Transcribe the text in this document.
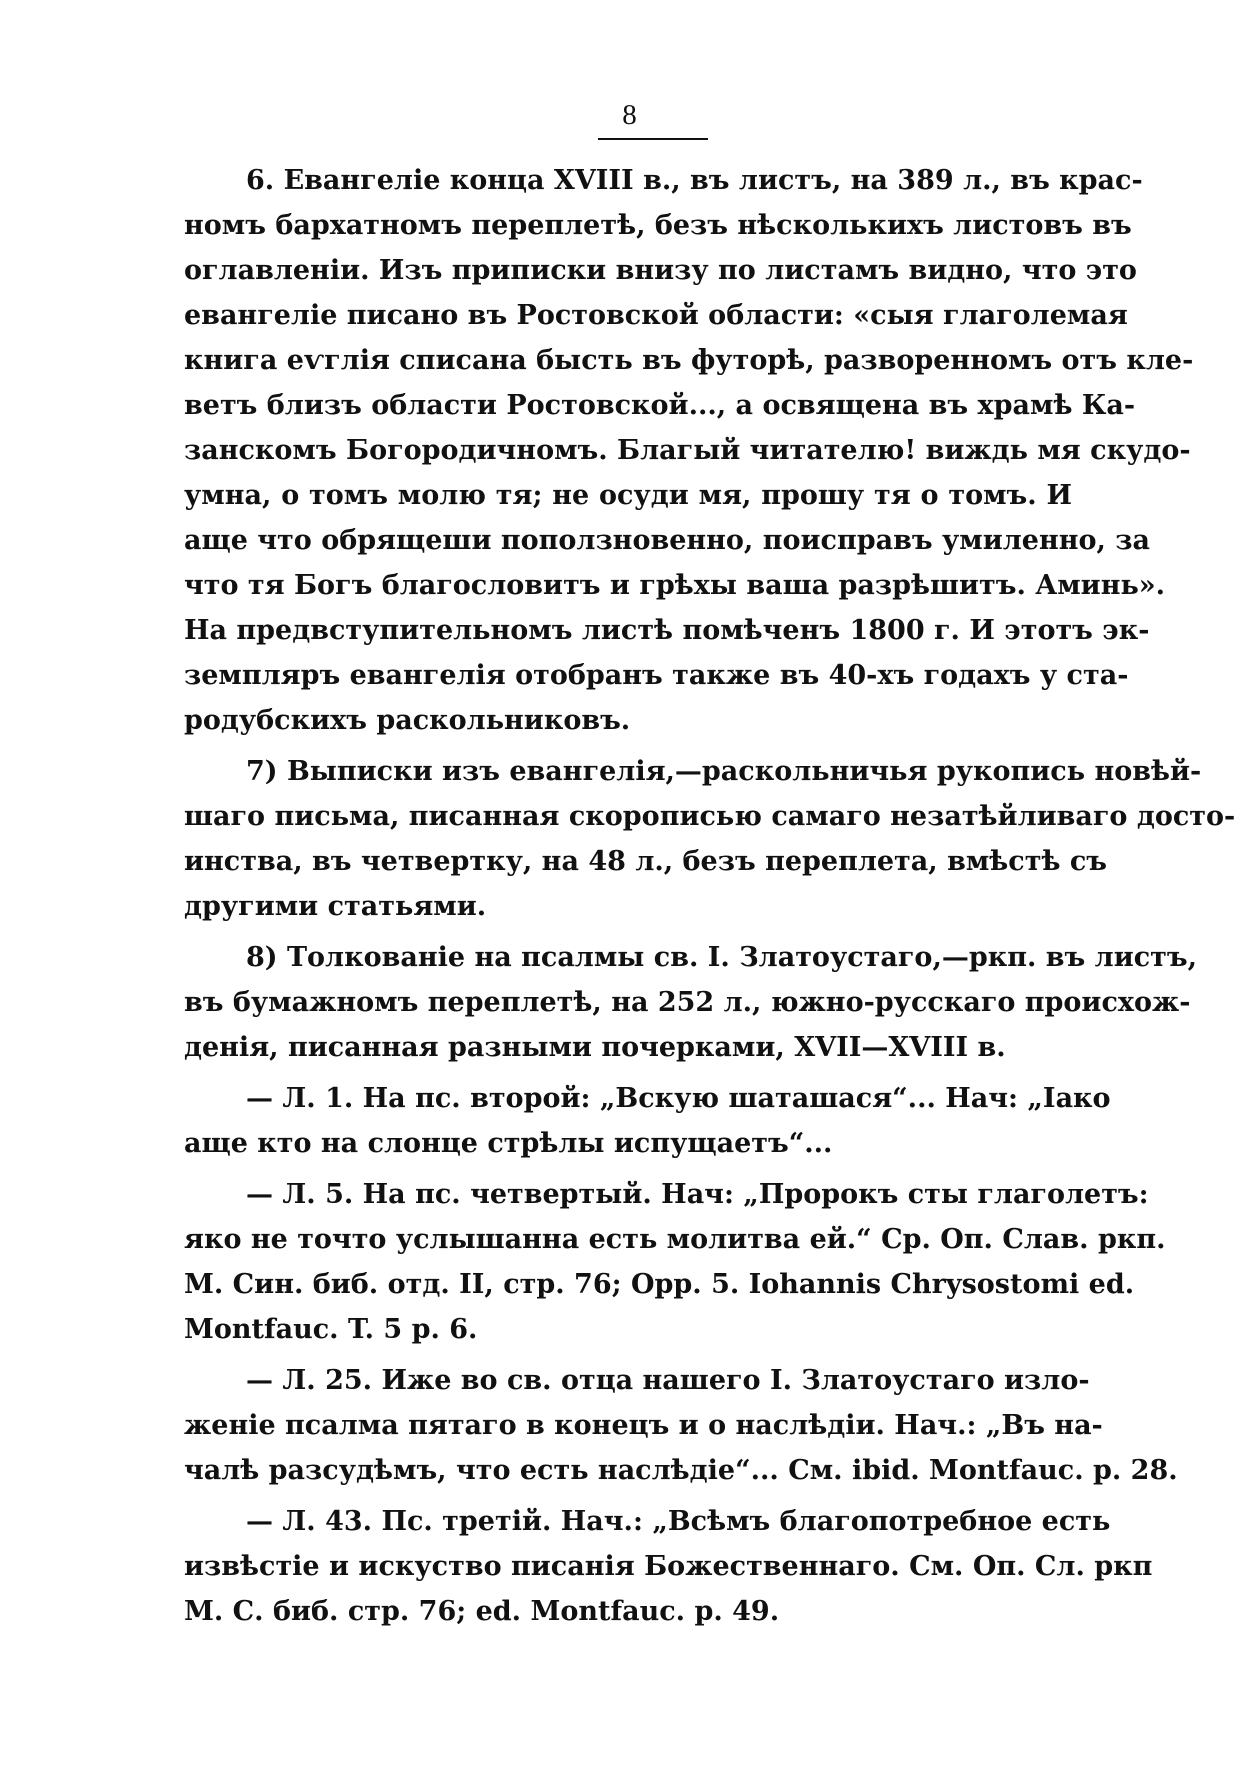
8
6. Евангеліе конца XVIII в., въ листъ, на 389 л., въ крас-
номъ бархатномъ переплетѣ, безъ нѣсколькихъ листовъ въ
оглавленіи. Изъ приписки внизу по листамъ видно, что это
евангеліе писано въ Ростовской области: «сыя глаголемая
книга еѵглія списана бысть въ футорѣ, разворенномъ отъ клe-
ветъ близъ области Ростовской..., а освящена въ храмѣ Ка-
занскомъ Богородичномъ. Благый читателю! виждь мя скудо-
умна, о томъ молю тя; не осуди мя, прошу тя о томъ. И
аще что обрящеши поползновенно, поисправъ умиленно, за
что тя Богъ благословитъ и грѣхы ваша разрѣшитъ. Аминь».
На предвступительномъ листѣ помѣченъ 1800 г. И этотъ эк-
земпляръ евангелія отобранъ также въ 40-хъ годахъ у ста-
родубскихъ раскольниковъ.
7) Выписки изъ евангелія,—раскольничья рукопись новѣй-
шаго письма, писанная скорописью самаго незатѣйливаго досто-
инства, въ четвертку, на 48 л., безъ переплета, вмѣстѣ съ
другими статьями.
8) Толкованіе на псалмы св. I. Златоустаго,—ркп. въ листъ,
въ бумажномъ переплетѣ, на 252 л., южно-русскаго происхож-
денія, писанная разными почерками, XVII—XVIII в.
— Л. 1. На пс. второй: „Вскую шаташася“... Нач: „Іако
аще кто на слонце стрѣлы испущаетъ“...
— Л. 5. На пс. четвертый. Нач: „Пророкъ сты глаголетъ:
яко не точто услышанна есть молитва ей.“ Ср. Оп. Слав. ркп.
М. Син. биб. отд. II, стр. 76; Opp. 5. Iohannis Chrysostomi ed.
Montfauc. T. 5 p. 6.
— Л. 25. Иже во св. отца нашего I. Златоустаго изло-
женіе псалма пятаго в конецъ и о наслѣдіи. Нач.: „Въ на-
чалѣ разсудѣмъ, что есть наслѣдіе“... См. ibid. Montfauc. p. 28.
— Л. 43. Пс. третій. Нач.: „Всѣмъ благопотребное есть
извѣстіе и искуство писанія Божественнаго. См. Оп. Сл. ркп
М. С. биб. стр. 76; ed. Montfauc. p. 49.
